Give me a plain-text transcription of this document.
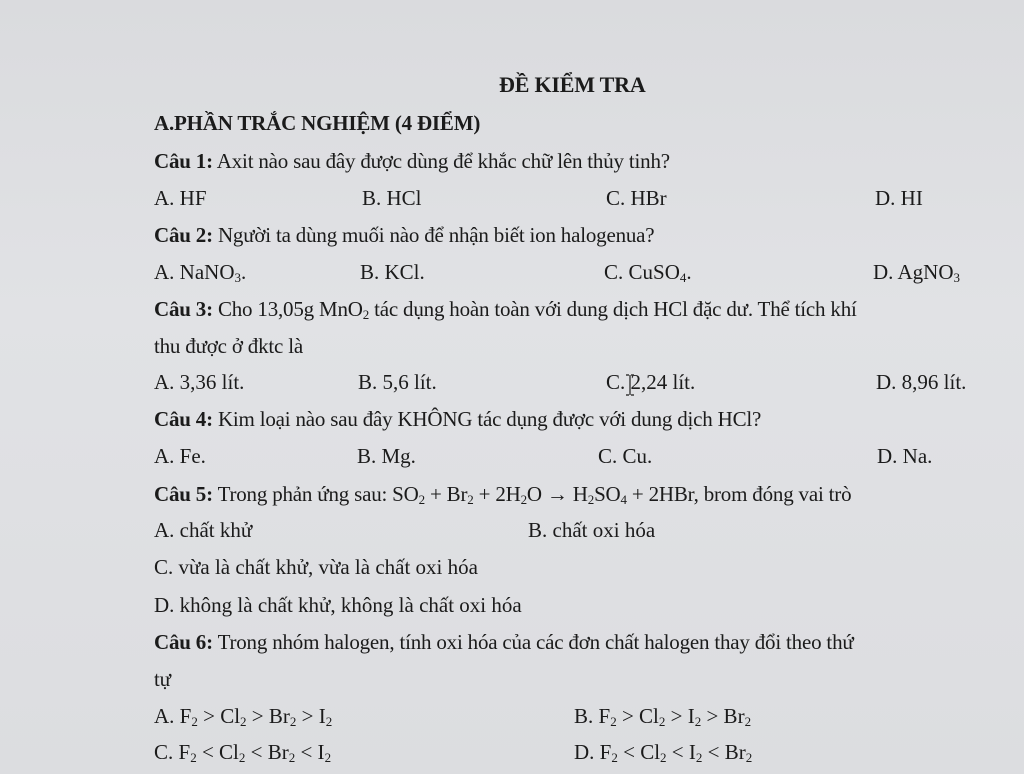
ĐỀ KIỂM TRA
A.PHẦN TRẮC NGHIỆM (4 ĐIỂM)
Câu 1: Axit nào sau đây được dùng để khắc chữ lên thủy tinh?
A. HF	B. HCl	C. HBr	D. HI
Câu 2: Người ta dùng muối nào để nhận biết ion halogenua?
A. NaNO$_3$.	B. KCl.	C. CuSO$_4$.	D. AgNO$_3$
Câu 3: Cho 13,05g MnO$_2$ tác dụng hoàn toàn với dung dịch HCl đặc dư. Thể tích khí
thu được ở đktc là
A. 3,36 lít.	B. 5,6 lít.	C. 2,24 lít.	D. 8,96 lít.
Câu 4: Kim loại nào sau đây KHÔNG tác dụng được với dung dịch HCl?
A. Fe.	B. Mg.	C. Cu.	D. Na.
Câu 5: Trong phản ứng sau: $SO_2 + Br_2 + 2H_2O \to H_2SO_4 + 2HBr$, brom đóng vai trò
A. chất khử	B. chất oxi hóa
C. vừa là chất khử, vừa là chất oxi hóa
D. không là chất khử, không là chất oxi hóa
Câu 6: Trong nhóm halogen, tính oxi hóa của các đơn chất halogen thay đổi theo thứ
tự
A. $F_2 > Cl_2 > Br_2 > I_2$	B. $F_2 > Cl_2 > I_2 > Br_2$
C. $F_2 < Cl_2 < Br_2 < I_2$	D. $F_2 < Cl_2 < I_2 < Br_2$
